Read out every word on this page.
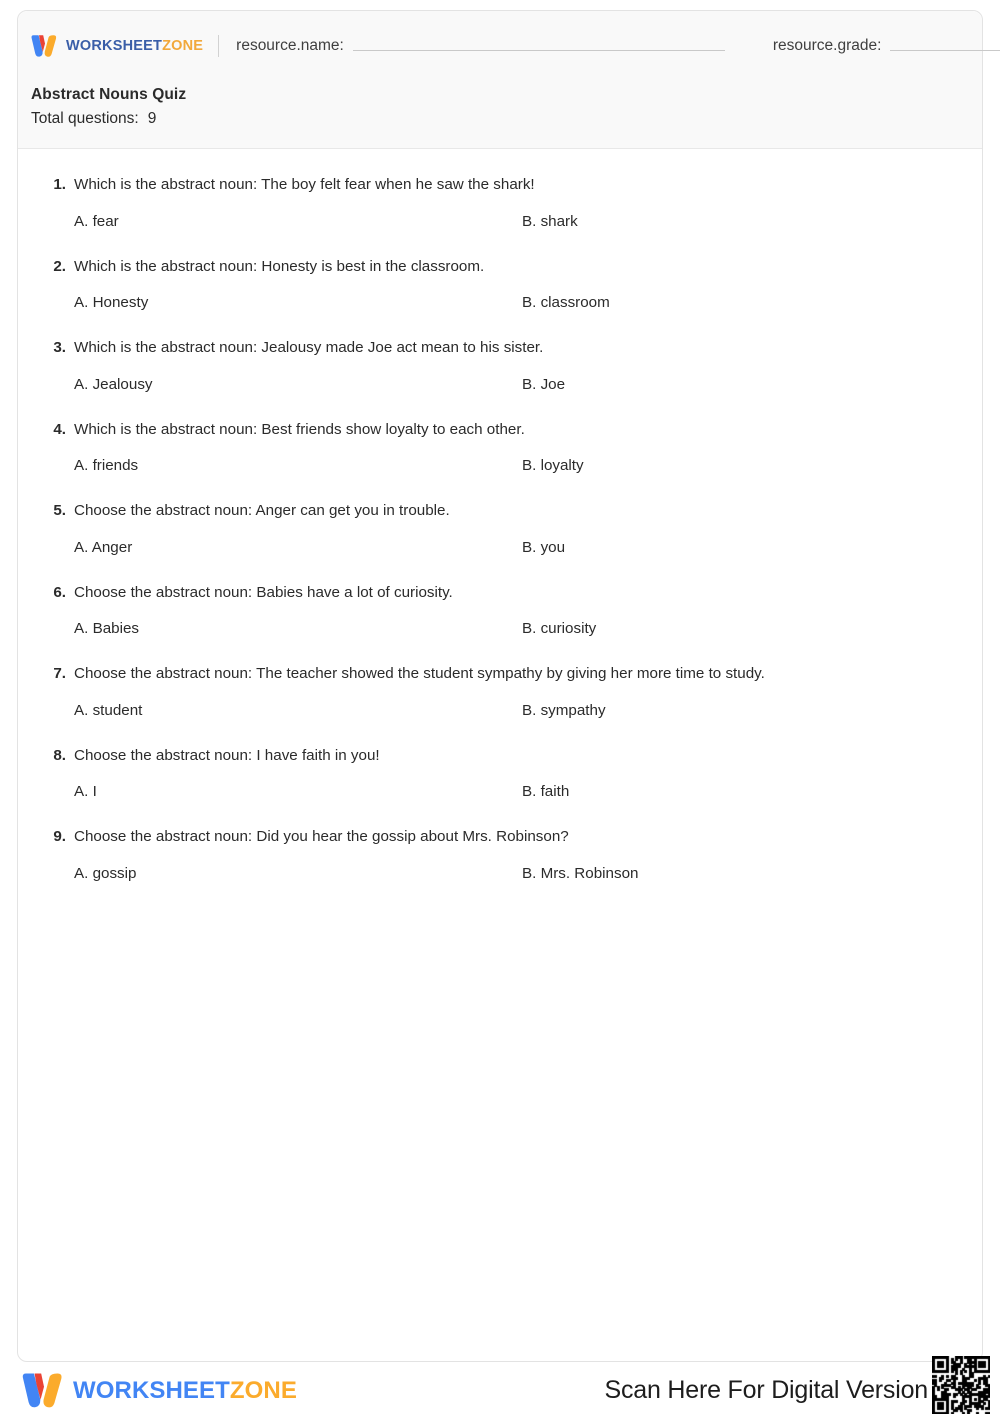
WORKSHEETZONE resource.name:	resource.grade:
Abstract Nouns Quiz
Total questions: 9
1. Which is the abstract noun: The boy felt fear when he saw the shark!
A. fear	B. shark
2. Which is the abstract noun: Honesty is best in the classroom.
A. Honesty	B. classroom
3. Which is the abstract noun: Jealousy made Joe act mean to his sister.
A. Jealousy	B. Joe
4. Which is the abstract noun: Best friends show loyalty to each other.
A. friends	B. loyalty
5. Choose the abstract noun: Anger can get you in trouble.
A. Anger	B. you
6. Choose the abstract noun: Babies have a lot of curiosity.
A. Babies	B. curiosity
7. Choose the abstract noun: The teacher showed the student sympathy by giving her more time to study.
A. student	B. sympathy
8. Choose the abstract noun: I have faith in you!
A. I	B. faith
9. Choose the abstract noun: Did you hear the gossip about Mrs. Robinson?
A. gossip	B. Mrs. Robinson
WORKSHEETZONE	Scan Here For Digital Version
